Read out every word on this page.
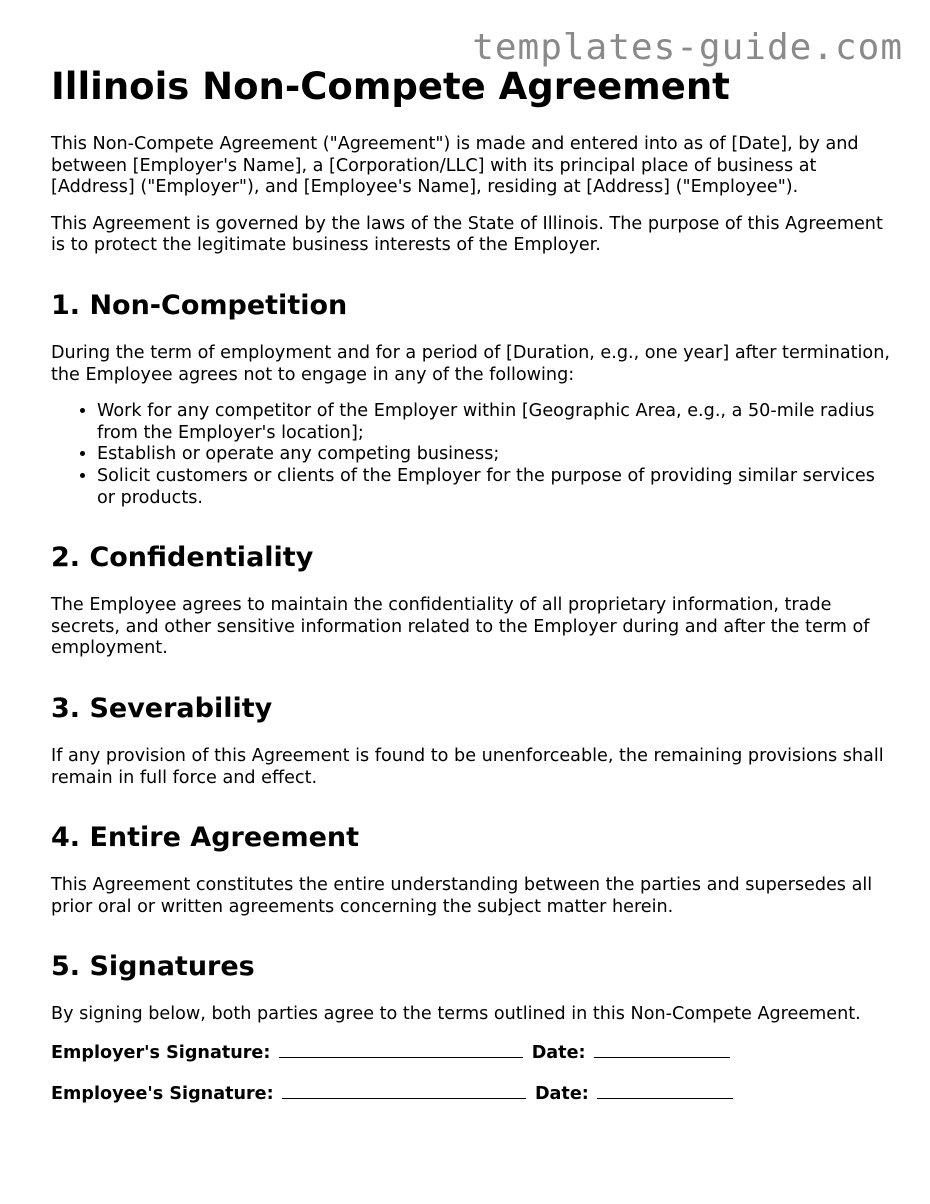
templates-guide.com
Illinois Non-Compete Agreement

This Non-Compete Agreement ("Agreement") is made and entered into as of [Date], by and between [Employer's Name], a [Corporation/LLC] with its principal place of business at [Address] ("Employer"), and [Employee's Name], residing at [Address] ("Employee").

This Agreement is governed by the laws of the State of Illinois. The purpose of this Agreement is to protect the legitimate business interests of the Employer.

1. Non-Competition

During the term of employment and for a period of [Duration, e.g., one year] after termination, the Employee agrees not to engage in any of the following:

• Work for any competitor of the Employer within [Geographic Area, e.g., a 50-mile radius from the Employer's location];
• Establish or operate any competing business;
• Solicit customers or clients of the Employer for the purpose of providing similar services or products.
2. Confidentiality

The Employee agrees to maintain the confidentiality of all proprietary information, trade secrets, and other sensitive information related to the Employer during and after the term of employment.

3. Severability

If any provision of this Agreement is found to be unenforceable, the remaining provisions shall remain in full force and effect.

4. Entire Agreement

This Agreement constitutes the entire understanding between the parties and supersedes all prior oral or written agreements concerning the subject matter herein.

5. Signatures

By signing below, both parties agree to the terms outlined in this Non-Compete Agreement.

Employer's Signature:	Date:
Employee's Signature:	Date:
